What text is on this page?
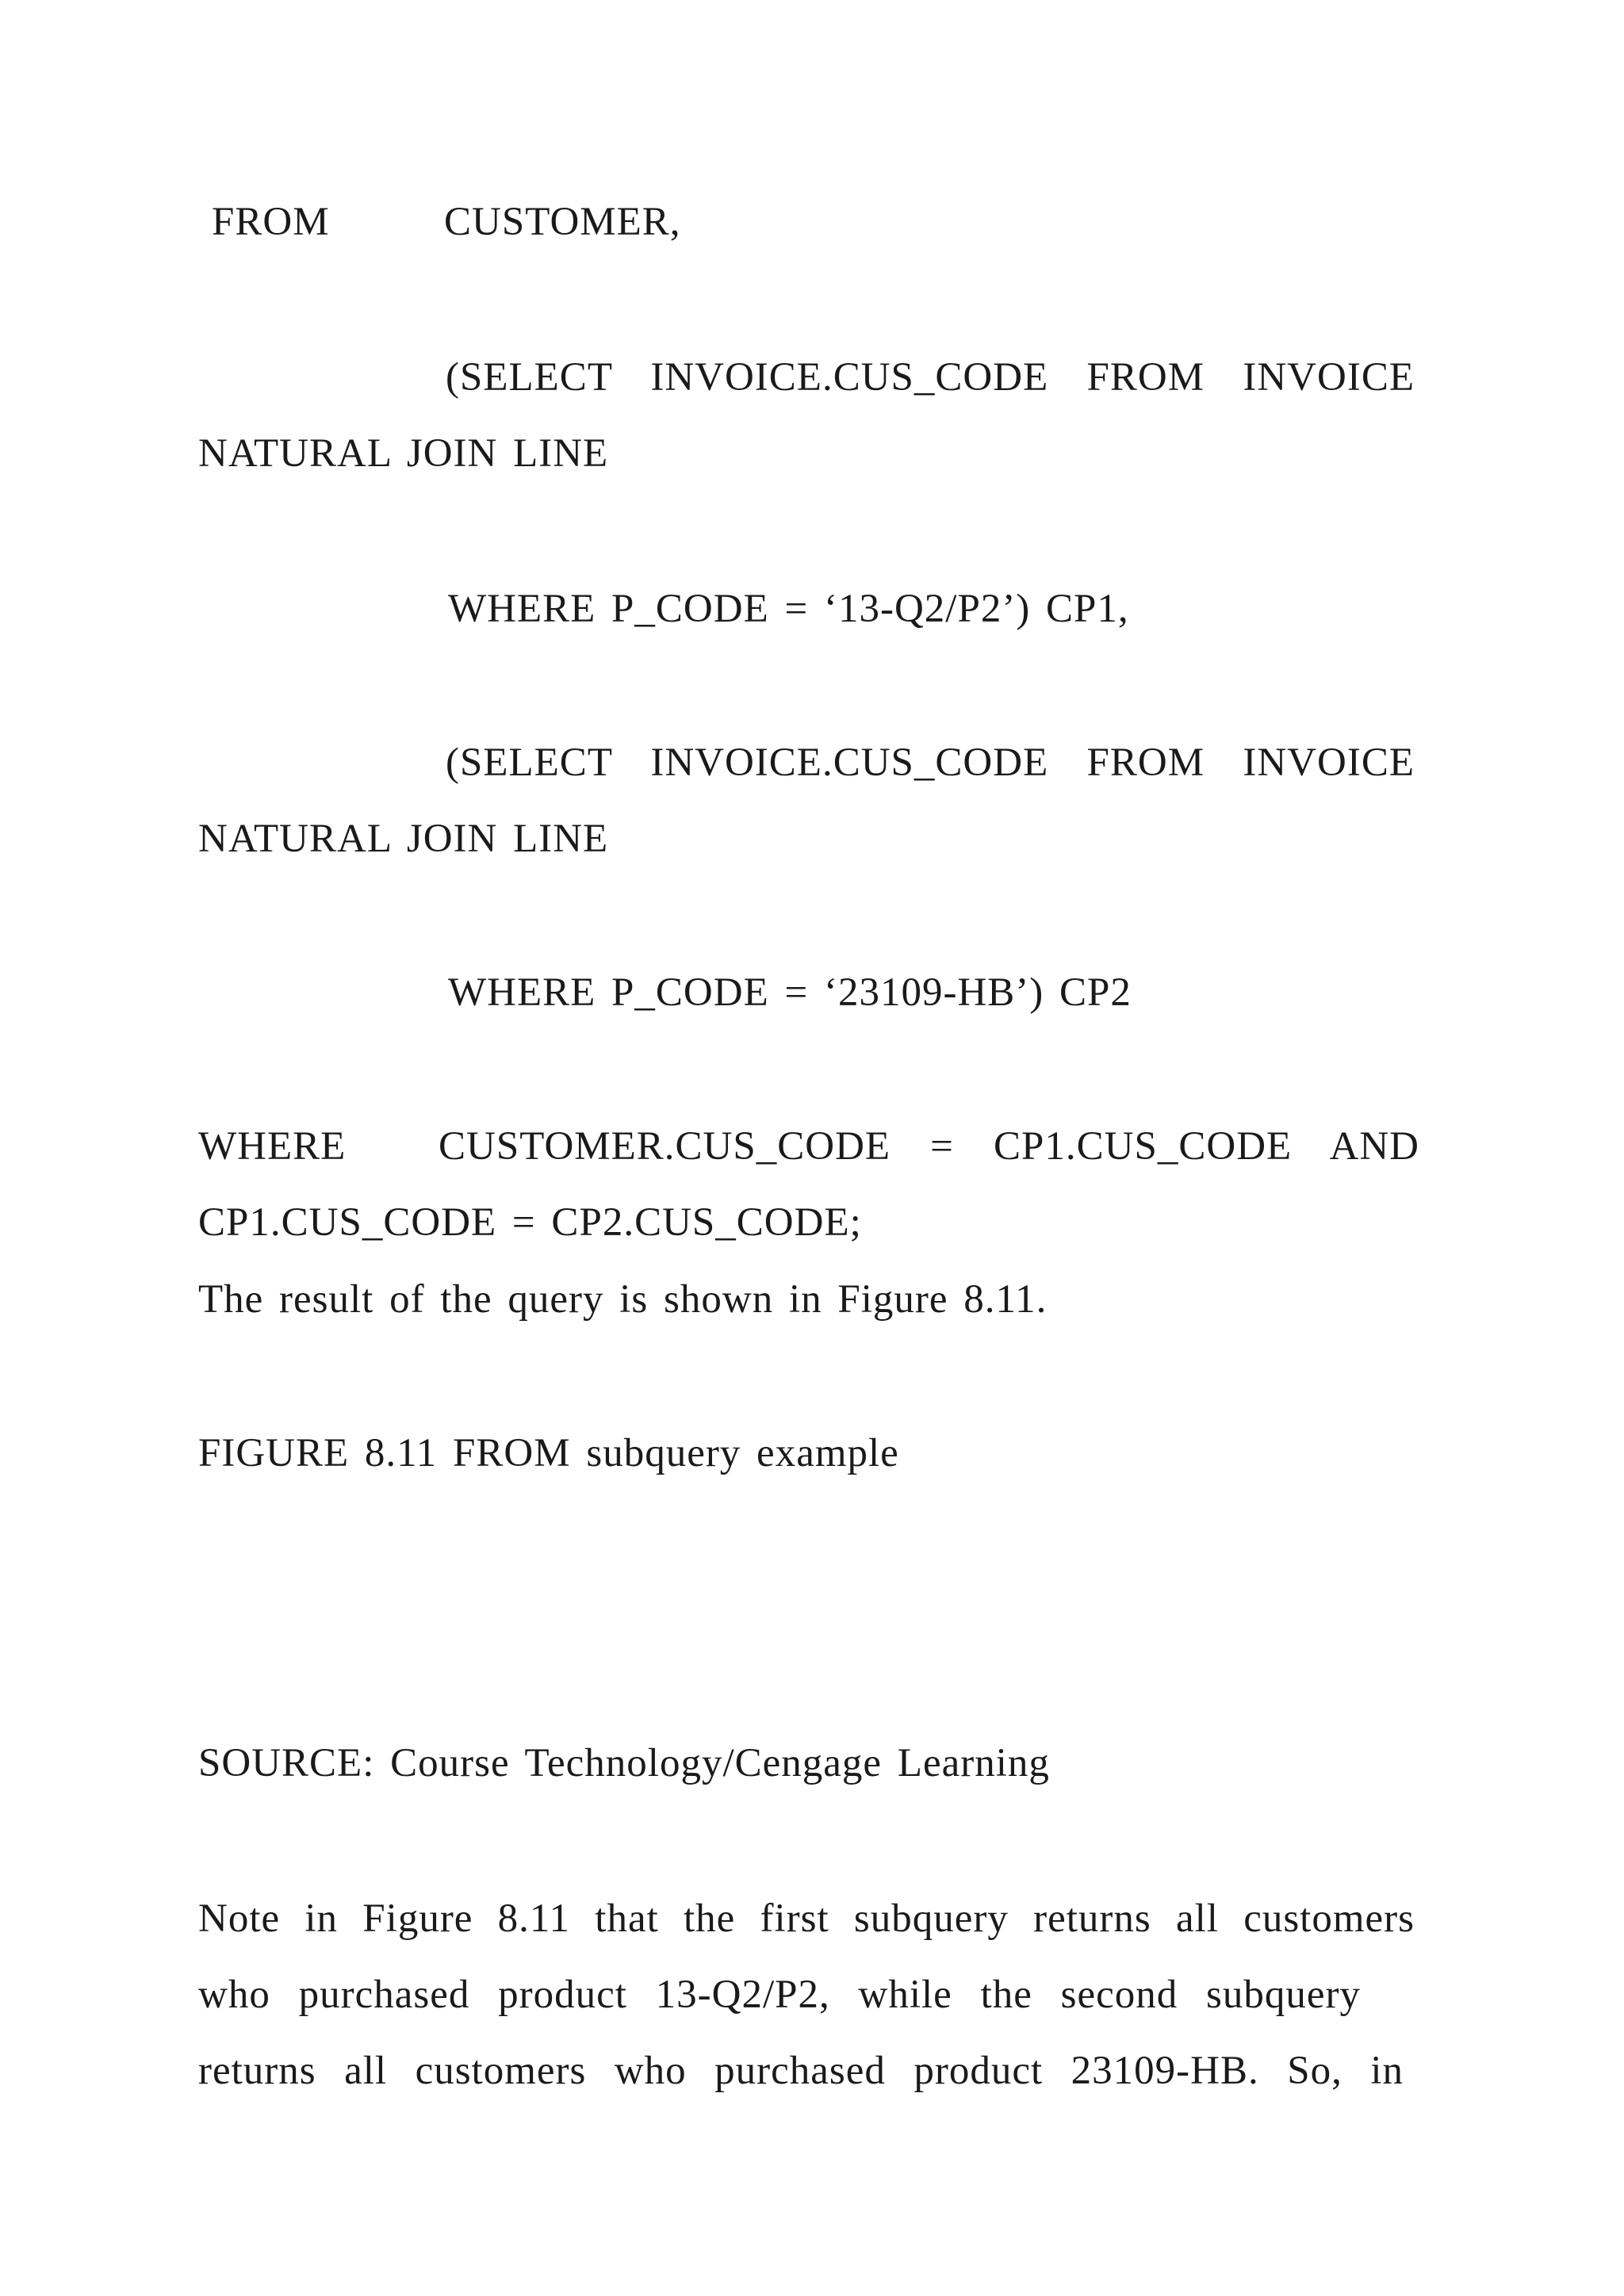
FROM	CUSTOMER,
(SELECT INVOICE.CUS_CODE FROM INVOICE
NATURAL JOIN LINE
WHERE P_CODE = ‘13-Q2/P2’) CP1,
(SELECT INVOICE.CUS_CODE FROM INVOICE
NATURAL JOIN LINE
WHERE P_CODE = ‘23109-HB’) CP2
WHERE CUSTOMER.CUS_CODE = CP1.CUS_CODE AND
CP1.CUS_CODE = CP2.CUS_CODE;
The result of the query is shown in Figure 8.11.
FIGURE 8.11 FROM subquery example
SOURCE: Course Technology/Cengage Learning
Note in Figure 8.11 that the first subquery returns all customers
who purchased product 13-Q2/P2, while the second subquery
returns all customers who purchased product 23109-HB. So, in
